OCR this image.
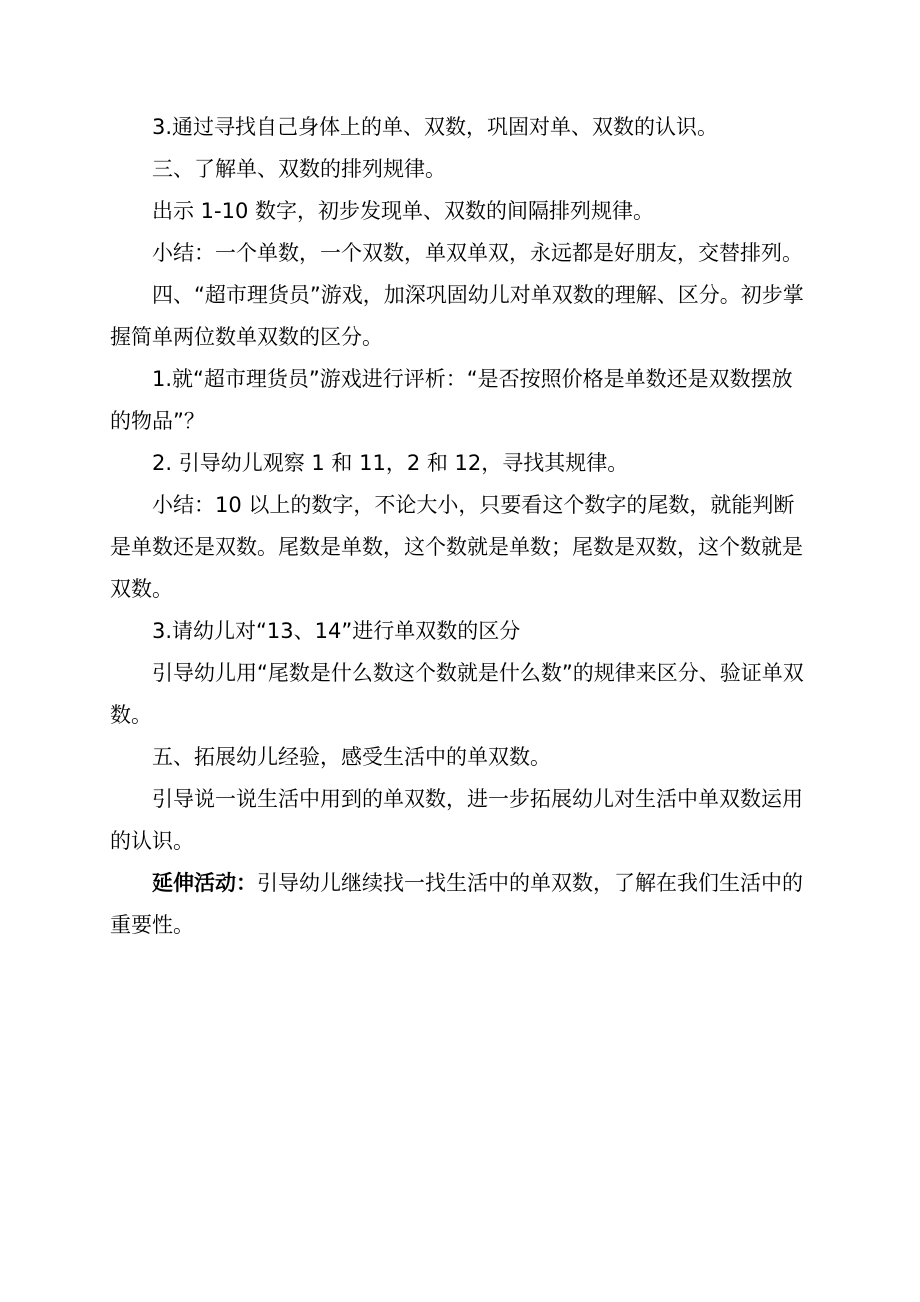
3.通过寻找自己身体上的单、双数，巩固对单、双数的认识。

三、了解单、双数的排列规律。

出示 1-10 数字，初步发现单、双数的间隔排列规律。

小结：一个单数，一个双数，单双单双，永远都是好朋友，交替排列。

四、“超市理货员”游戏，加深巩固幼儿对单双数的理解、区分。初步掌握简单两位数单双数的区分。

1.就“超市理货员”游戏进行评析：“是否按照价格是单数还是双数摆放的物品”？

2. 引导幼儿观察 1 和 11，2 和 12，寻找其规律。

小结：10 以上的数字，不论大小，只要看这个数字的尾数，就能判断是单数还是双数。尾数是单数，这个数就是单数；尾数是双数，这个数就是双数。

3.请幼儿对“13、14”进行单双数的区分

引导幼儿用“尾数是什么数这个数就是什么数”的规律来区分、验证单双数。

五、拓展幼儿经验，感受生活中的单双数。

引导说一说生活中用到的单双数，进一步拓展幼儿对生活中单双数运用的认识。

延伸活动：引导幼儿继续找一找生活中的单双数，了解在我们生活中的重要性。
